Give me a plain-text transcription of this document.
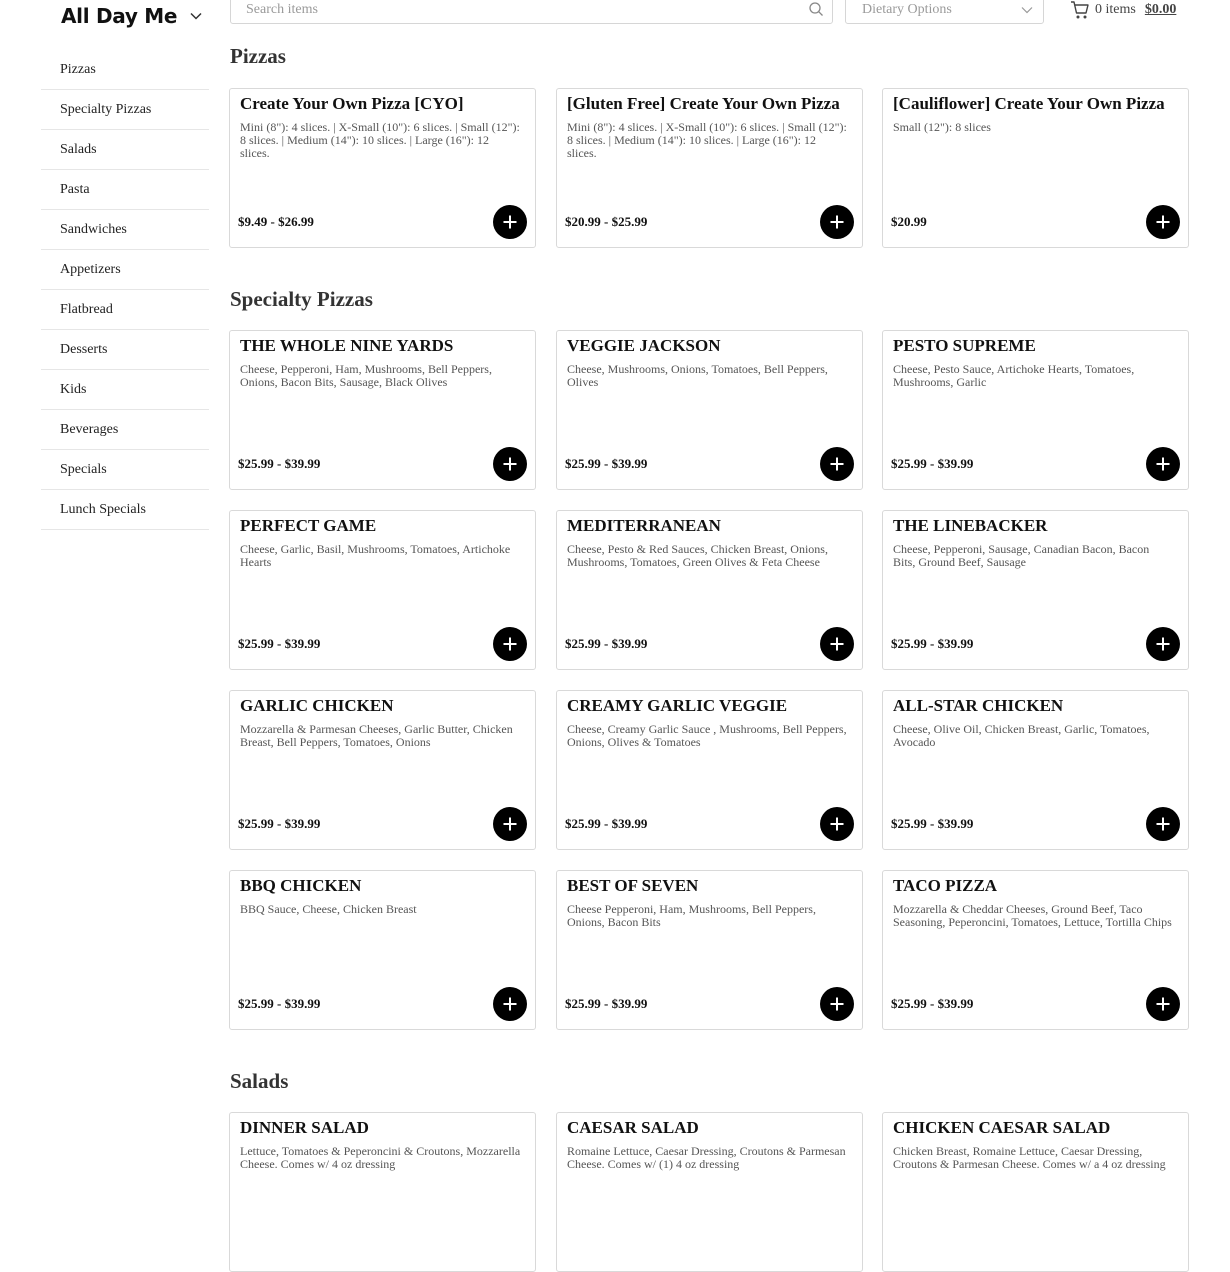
All Day Me
Pizzas
Specialty Pizzas
Salads
Pasta
Sandwiches
Appetizers
Flatbread
Desserts
Kids
Beverages
Specials
Lunch Specials
Search items
Dietary Options	0 items $0.00
Pizzas
Create Your Own Pizza [CYO]
Mini (8"): 4 slices. | X-Small (10"): 6 slices. | Small (12"): 8 slices. | Medium (14"): 10 slices. | Large (16"): 12 slices.
$9.49 - $26.99
[Gluten Free] Create Your Own Pizza
Mini (8"): 4 slices. | X-Small (10"): 6 slices. | Small (12"): 8 slices. | Medium (14"): 10 slices. | Large (16"): 12 slices.
$20.99 - $25.99
[Cauliflower] Create Your Own Pizza
Small (12"): 8 slices
$20.99
Specialty Pizzas
THE WHOLE NINE YARDS
Cheese, Pepperoni, Ham, Mushrooms, Bell Peppers, Onions, Bacon Bits, Sausage, Black Olives
$25.99 - $39.99
VEGGIE JACKSON
Cheese, Mushrooms, Onions, Tomatoes, Bell Peppers, Olives
$25.99 - $39.99
PESTO SUPREME
Cheese, Pesto Sauce, Artichoke Hearts, Tomatoes, Mushrooms, Garlic
$25.99 - $39.99
PERFECT GAME
Cheese, Garlic, Basil, Mushrooms, Tomatoes, Artichoke Hearts
$25.99 - $39.99
MEDITERRANEAN
Cheese, Pesto & Red Sauces, Chicken Breast, Onions, Mushrooms, Tomatoes, Green Olives & Feta Cheese
$25.99 - $39.99
THE LINEBACKER
Cheese, Pepperoni, Sausage, Canadian Bacon, Bacon Bits, Ground Beef, Sausage
$25.99 - $39.99
GARLIC CHICKEN
Mozzarella & Parmesan Cheeses, Garlic Butter, Chicken Breast, Bell Peppers, Tomatoes, Onions
$25.99 - $39.99
CREAMY GARLIC VEGGIE
Cheese, Creamy Garlic Sauce , Mushrooms, Bell Peppers, Onions, Olives & Tomatoes
$25.99 - $39.99
ALL-STAR CHICKEN
Cheese, Olive Oil, Chicken Breast, Garlic, Tomatoes, Avocado
$25.99 - $39.99
BBQ CHICKEN
BBQ Sauce, Cheese, Chicken Breast
$25.99 - $39.99
BEST OF SEVEN
Cheese Pepperoni, Ham, Mushrooms, Bell Peppers, Onions, Bacon Bits
$25.99 - $39.99
TACO PIZZA
Mozzarella & Cheddar Cheeses, Ground Beef, Taco Seasoning, Peperoncini, Tomatoes, Lettuce, Tortilla Chips
$25.99 - $39.99
Salads
DINNER SALAD
Lettuce, Tomatoes & Peperoncini & Croutons, Mozzarella Cheese. Comes w/ 4 oz dressing
CAESAR SALAD
Romaine Lettuce, Caesar Dressing, Croutons & Parmesan Cheese. Comes w/ (1) 4 oz dressing
CHICKEN CAESAR SALAD
Chicken Breast, Romaine Lettuce, Caesar Dressing, Croutons & Parmesan Cheese. Comes w/ a 4 oz dressing
